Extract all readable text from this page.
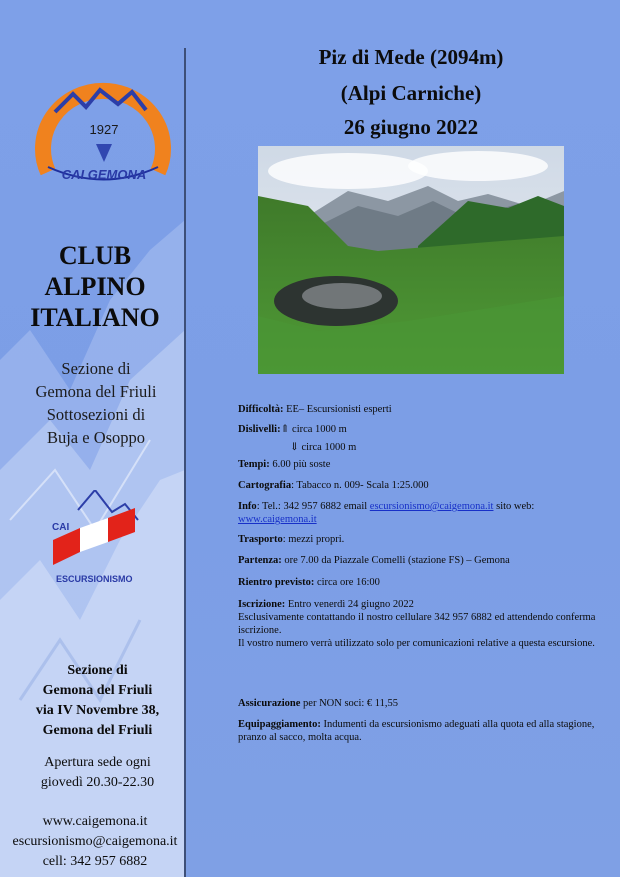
1927
CAI GEMONA
CLUB
ALPINO
ITALIANO
Sezione di
Gemona del Friuli
Sottosezioni di
Buja e Osoppo
CAI
ESCURSIONISMO
Sezione di
Gemona del Friuli
via IV Novembre 38,
Gemona del Friuli
Apertura sede ogni
giovedì 20.30-22.30
www.caigemona.it
escursionismo@caigemona.it
cell: 342 957 6882
Piz di Mede (2094m)
(Alpi Carniche)
26 giugno 2022
Difficoltà: EE– Escursionisti esperti
Dislivelli:⇑ circa 1000 m
⇓ circa 1000 m
Tempi: 6.00 più soste
Cartografia: Tabacco n. 009- Scala 1:25.000
Info: Tel.: 342 957 6882 email escursionismo@caigemona.it sito web:
www.caigemona.it
Trasporto: mezzi propri.
Partenza: ore 7.00 da Piazzale Comelli (stazione FS) – Gemona
Rientro previsto: circa ore 16:00
Iscrizione: Entro venerdì 24 giugno 2022
Esclusivamente contattando il nostro cellulare 342 957 6882 ed attendendo conferma iscrizione.
Il vostro numero verrà utilizzato solo per comunicazioni relative a questa escursione.
Assicurazione per NON soci: € 11,55
Equipaggiamento: Indumenti da escursionismo adeguati alla quota ed alla stagione, pranzo al sacco, molta acqua.
